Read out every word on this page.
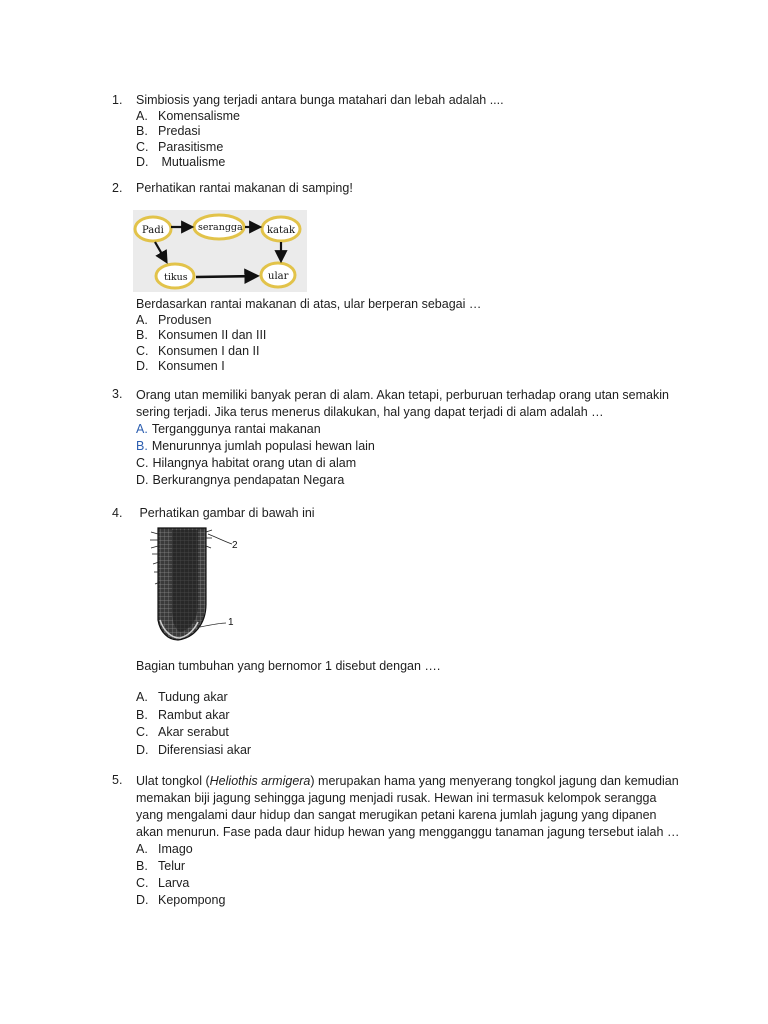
1.	Simbiosis yang terjadi antara bunga matahari dan lebah adalah ....
A. Komensalisme
B. Predasi
C. Parasitisme
D. Mutualisme
2.	Perhatikan rantai makanan di samping!
Padi	serangga katak
tikus	ular
Berdasarkan rantai makanan di atas, ular berperan sebagai …
A. Produsen
B. Konsumen II dan III
C. Konsumen I dan II
D. Konsumen I
3.	Orang utan memiliki banyak peran di alam. Akan tetapi, perburuan terhadap orang utan semakin sering terjadi. Jika terus menerus dilakukan, hal yang dapat terjadi di alam adalah …
A. Terganggunya rantai makanan
B. Menurunnya jumlah populasi hewan lain
C. Hilangnya habitat orang utan di alam
D. Berkurangnya pendapatan Negara
4.	Perhatikan gambar di bawah ini
2
1
Bagian tumbuhan yang bernomor 1 disebut dengan ….
A. Tudung akar
B. Rambut akar
C. Akar serabut
D. Diferensiasi akar
5.	Ulat tongkol (Heliothis armigera) merupakan hama yang menyerang tongkol jagung dan kemudian memakan biji jagung sehingga jagung menjadi rusak. Hewan ini termasuk kelompok serangga yang mengalami daur hidup dan sangat merugikan petani karena jumlah jagung yang dipanen akan menurun. Fase pada daur hidup hewan yang mengganggu tanaman jagung tersebut ialah …
A. Imago
B. Telur
C. Larva
D. Kepompong
